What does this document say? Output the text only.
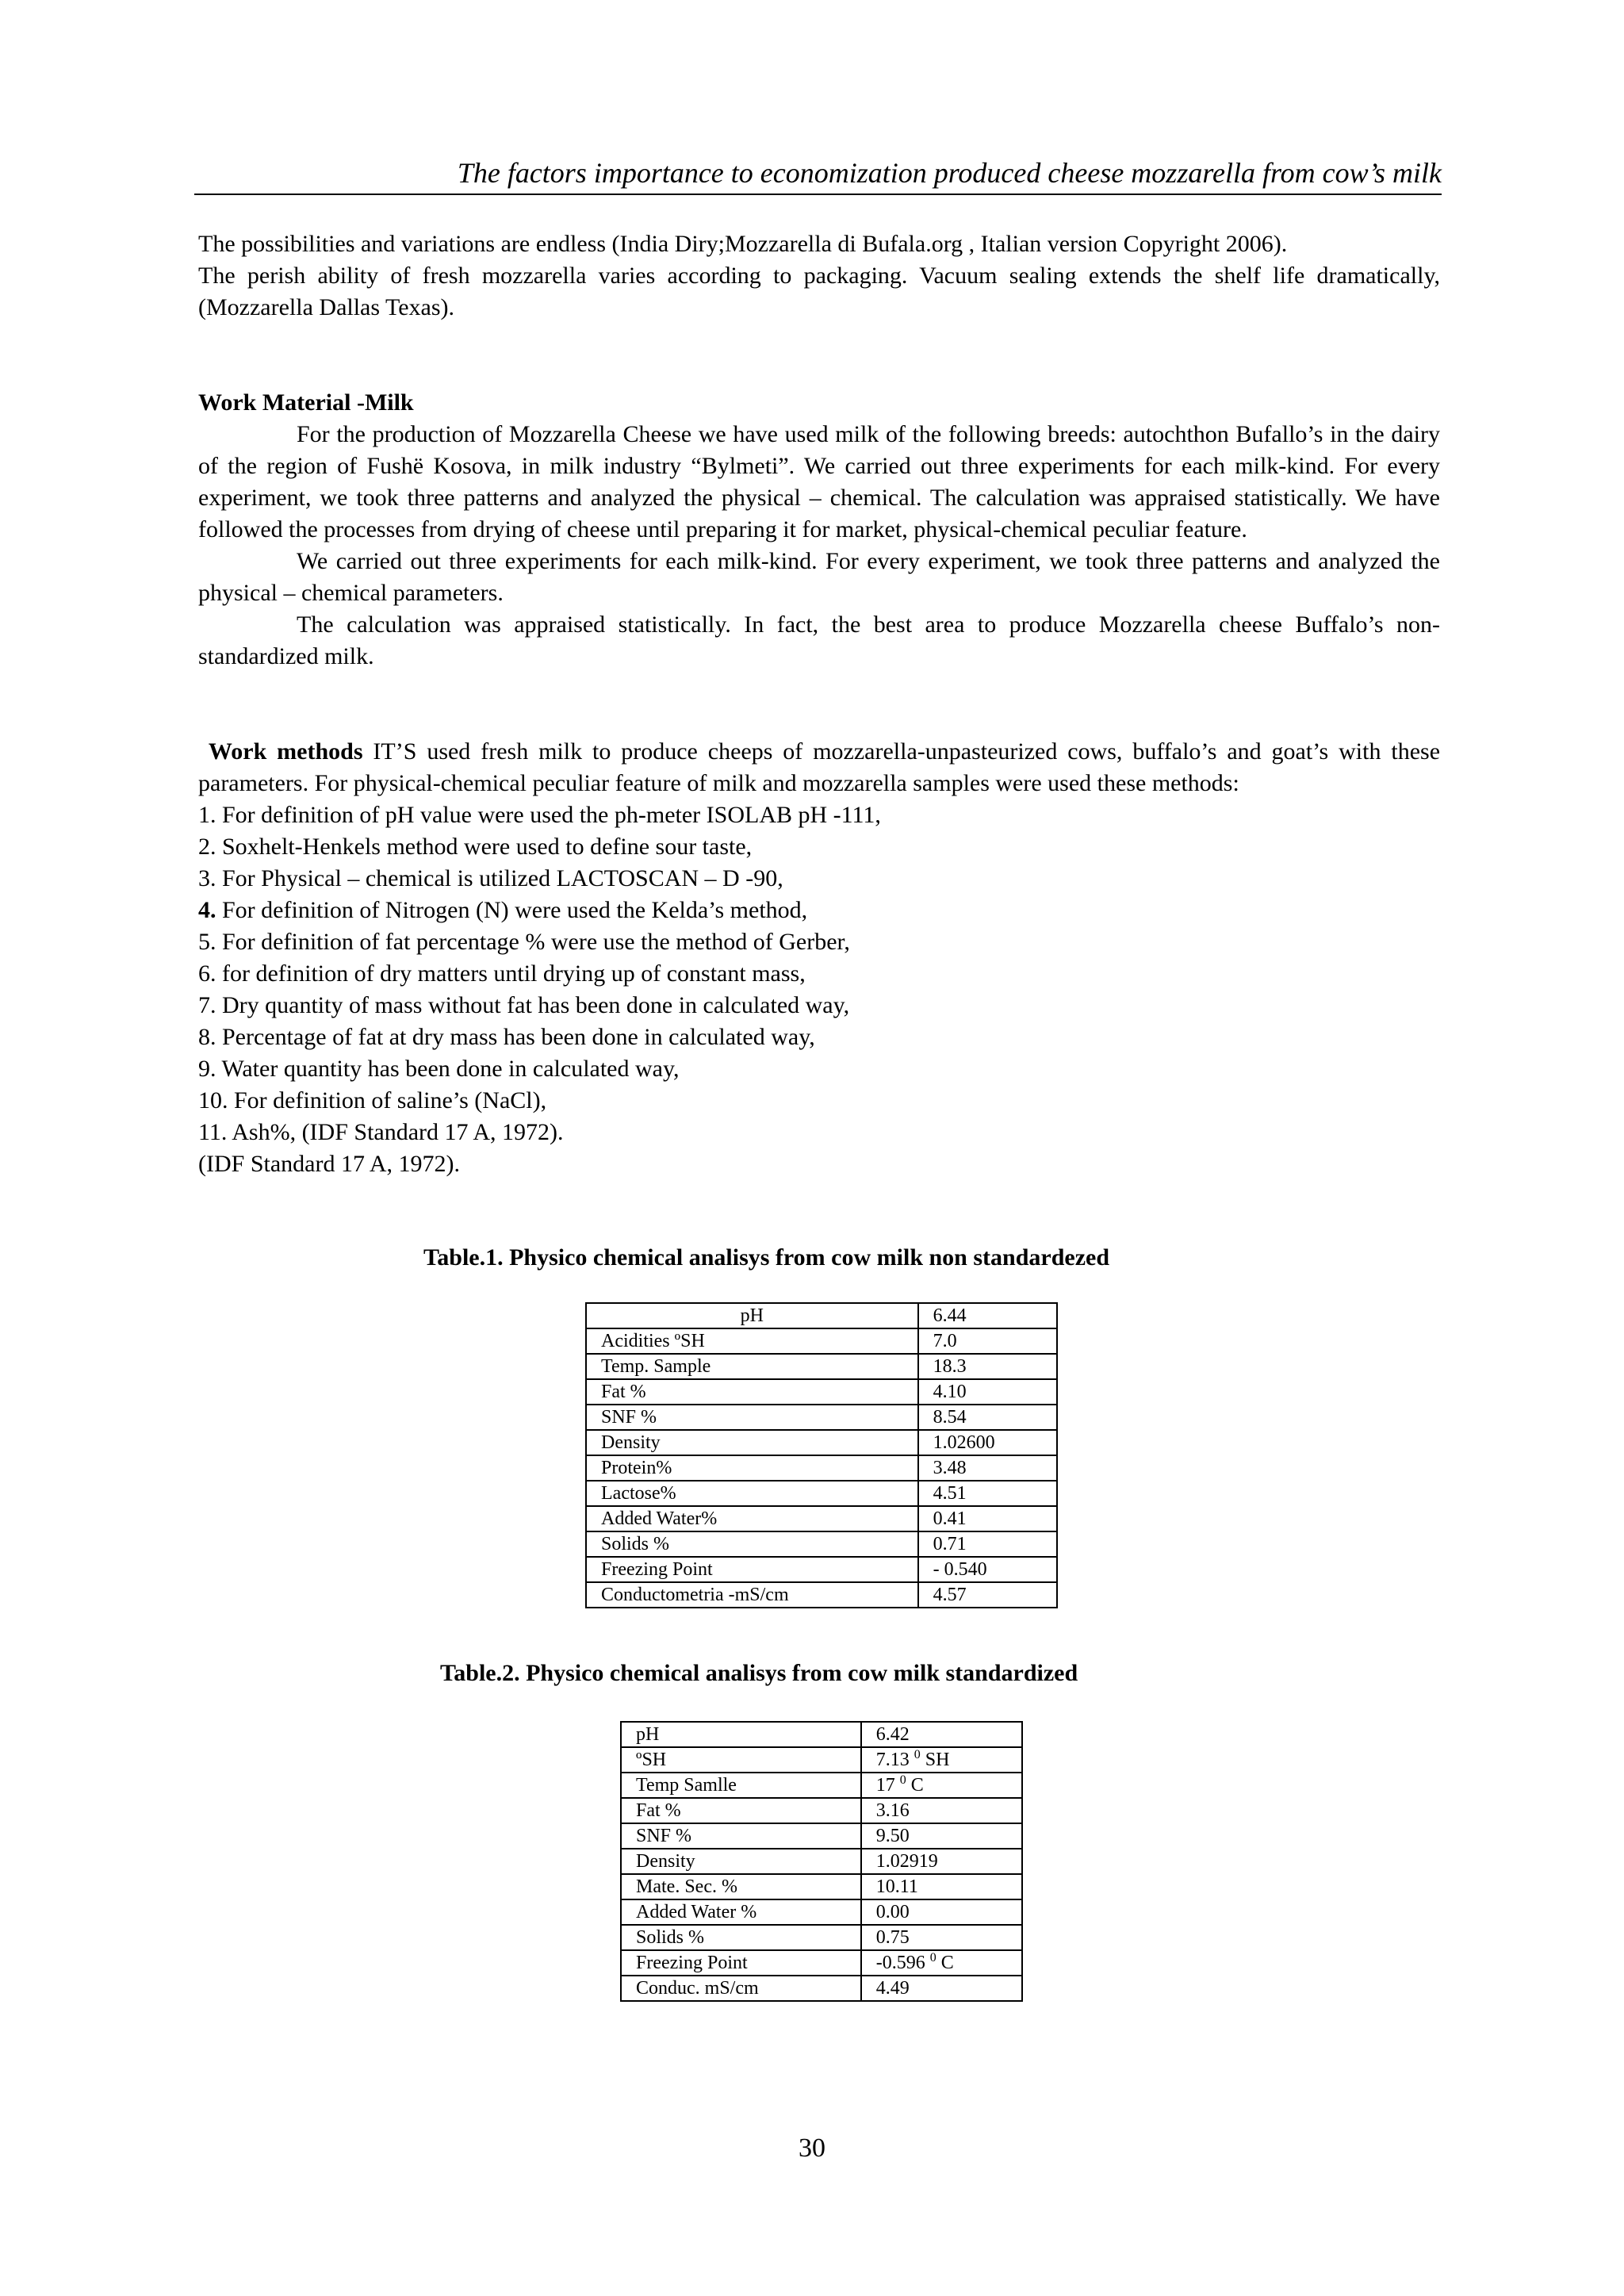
The factors importance to economization produced cheese mozzarella from cow’s milk

The possibilities and variations are endless (India Diry;Mozzarella di Bufala.org , Italian version Copyright 2006).

The perish ability of fresh mozzarella varies according to packaging. Vacuum sealing extends the shelf life dramatically, (Mozzarella Dallas Texas).

Work Material -Milk

For the production of Mozzarella Cheese we have used milk of the following breeds: autochthon Bufallo’s in the dairy of the region of Fushë Kosova, in milk industry “Bylmeti”. We carried out three experiments for each milk-kind. For every experiment, we took three patterns and analyzed the physical – chemical. The calculation was appraised statistically. We have followed the processes from drying of cheese until preparing it for market, physical-chemical peculiar feature.

We carried out three experiments for each milk-kind. For every experiment, we took three patterns and analyzed the physical – chemical parameters.

The calculation was appraised statistically. In fact, the best area to produce Mozzarella cheese Buffalo’s non-standardized milk.

Work methods IT’S used fresh milk to produce cheeps of mozzarella-unpasteurized cows, buffalo’s and goat’s with these parameters. For physical-chemical peculiar feature of milk and mozzarella samples were used these methods:

1. For definition of pH value were used the ph-meter ISOLAB pH -111,
2. Soxhelt-Henkels method were used to define sour taste,
3. For Physical – chemical is utilized LACTOSCAN – D -90,
4. For definition of Nitrogen (N) were used the Kelda’s method,
5. For definition of fat percentage % were use the method of Gerber,
6. for definition of dry matters until drying up of constant mass,
7. Dry quantity of mass without fat has been done in calculated way,
8. Percentage of fat at dry mass has been done in calculated way,
9. Water quantity has been done in calculated way,
10. For definition of saline’s (NaCl),
11. Ash%, (IDF Standard 17 A, 1972).

(IDF Standard 17 A, 1972).

Table.1. Physico chemical analisys from cow milk non standardezed
pH	6.44
Acidities ºSH	7.0
Temp. Sample	18.3
Fat %	4.10
SNF %	8.54
Density	1.02600
Protein%	3.48
Lactose%	4.51
Added Water%	0.41
Solids %	0.71
Freezing Point	- 0.540
Conductometria -mS/cm	4.57
Table.2. Physico chemical analisys from cow milk standardized
pH	6.42
ºSH	7.13 $^0$ SH
Temp Samlle	17 $^0$ C
Fat %	3.16
SNF %	9.50
Density	1.02919
Mate. Sec. %	10.11
Added Water %	0.00
Solids %	0.75
Freezing Point	-0.596 $^0$ C
Conduc. mS/cm	4.49
30
